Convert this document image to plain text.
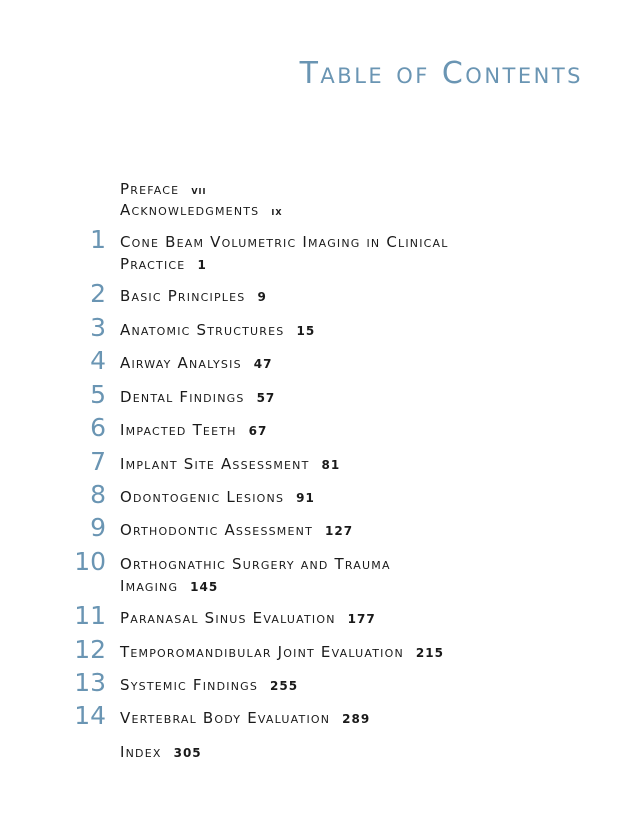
Table of Contents
Preface vii
Acknowledgments ix
1 Cone Beam Volumetric Imaging in Clinical
Practice 1
2 Basic Principles 9
3 Anatomic Structures 15
4 Airway Analysis 47
5 Dental Findings 57
6 Impacted Teeth 67
7 Implant Site Assessment 81
8 Odontogenic Lesions 91
9 Orthodontic Assessment 127
10 Orthognathic Surgery and Trauma
Imaging 145
11 Paranasal Sinus Evaluation 177
12 Temporomandibular Joint Evaluation 215
13 Systemic Findings 255
14 Vertebral Body Evaluation 289
Index 305
